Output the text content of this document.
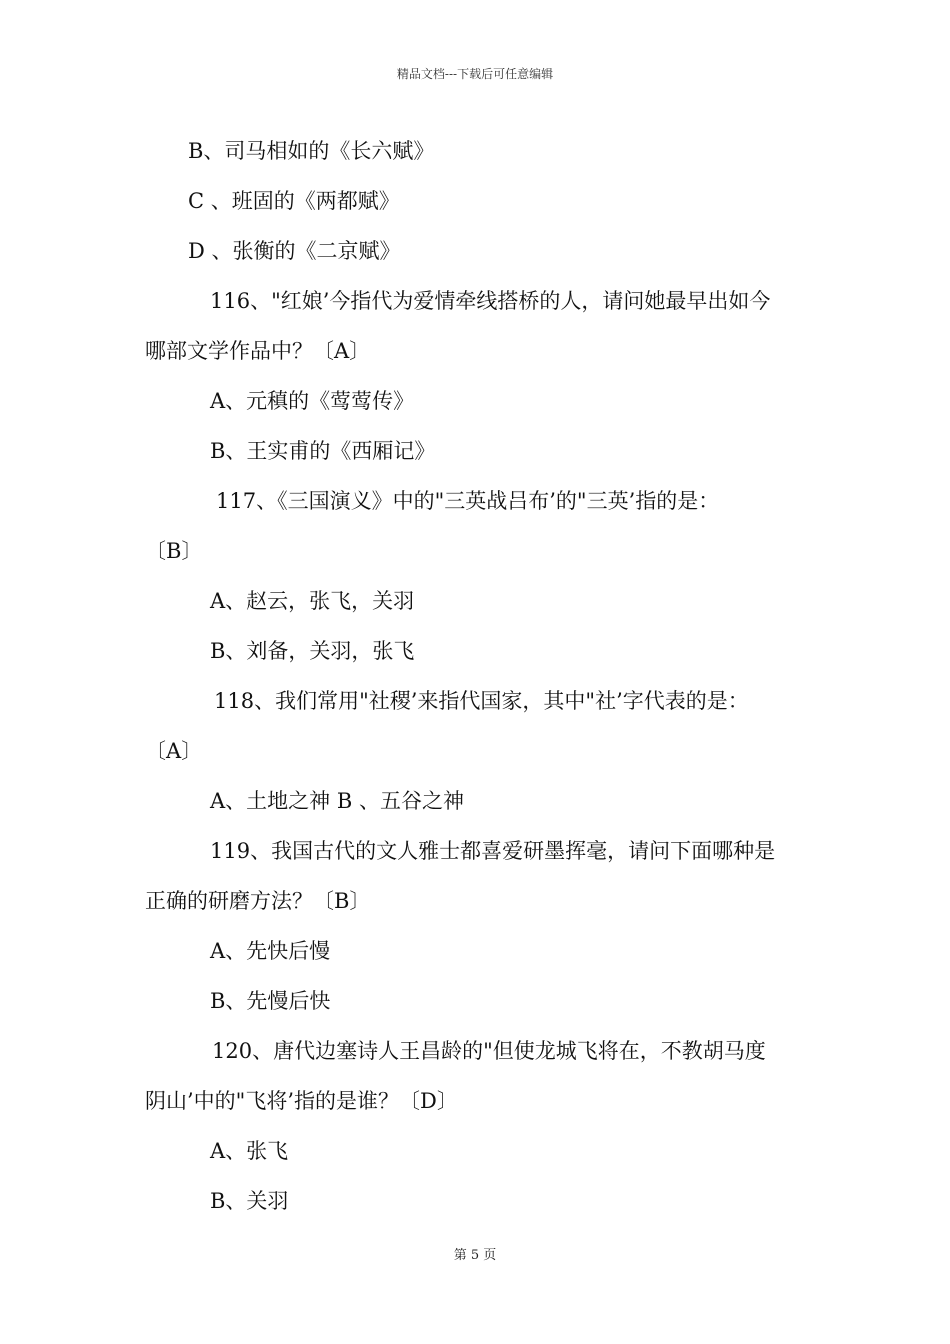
精品文档---下载后可任意编辑
B、司马相如的《长六赋》
C 、班固的《两都赋》
D 、张衡的《二京赋》
116、"红娘’今指代为爱情牵线搭桥的人，请问她最早出如今
哪部文学作品中？〔A〕
A、元稹的《莺莺传》
B、王实甫的《西厢记》
117、《三国演义》中的"三英战吕布’的"三英’指的是：
〔B〕
A、赵云，张飞，关羽
B、刘备，关羽，张飞
118、我们常用"社稷’来指代国家，其中"社’字代表的是：
〔A〕
A、土地之神 B 、五谷之神
119、我国古代的文人雅士都喜爱研墨挥毫，请问下面哪种是
正确的研磨方法？〔B〕
A、先快后慢
B、先慢后快
120、唐代边塞诗人王昌龄的"但使龙城飞将在，不教胡马度
阴山’中的"飞将’指的是谁？〔D〕
A、张飞
B、关羽
第 5 页
